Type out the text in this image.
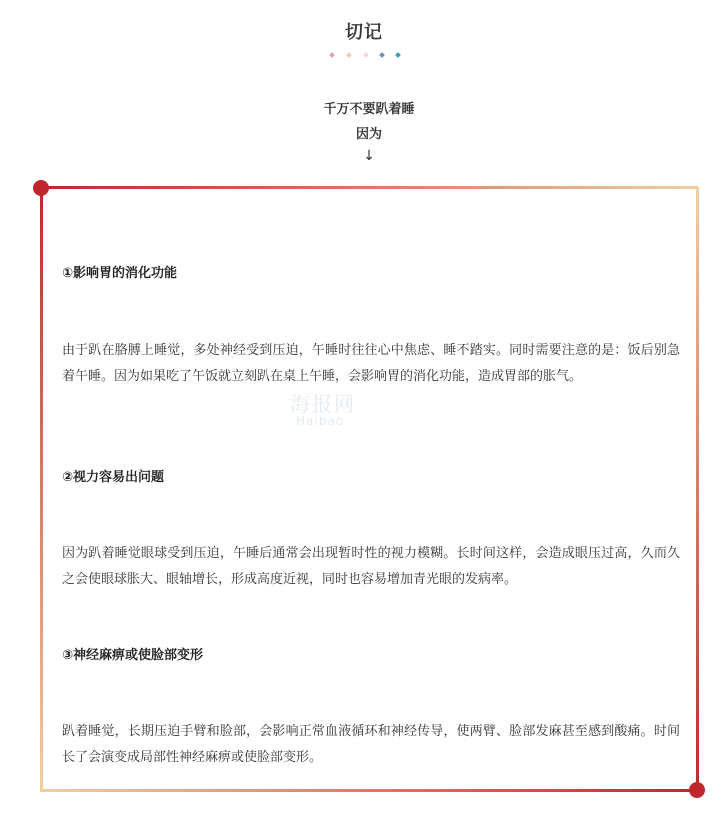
切记
千万不要趴着睡
因为
↓
海报网
Haibao
①影响胃的消化功能
由于趴在胳膊上睡觉，多处神经受到压迫，午睡时往往心中焦虑、睡不踏实。同时需要注意的是：饭后别急着午睡。因为如果吃了午饭就立刻趴在桌上午睡，会影响胃的消化功能，造成胃部的胀气。
②视力容易出问题
因为趴着睡觉眼球受到压迫，午睡后通常会出现暂时性的视力模糊。长时间这样，会造成眼压过高，久而久之会使眼球胀大、眼轴增长，形成高度近视，同时也容易增加青光眼的发病率。
③神经麻痹或使脸部变形
趴着睡觉，长期压迫手臂和脸部，会影响正常血液循环和神经传导，使两臂、脸部发麻甚至感到酸痛。时间长了会演变成局部性神经麻痹或使脸部变形。
